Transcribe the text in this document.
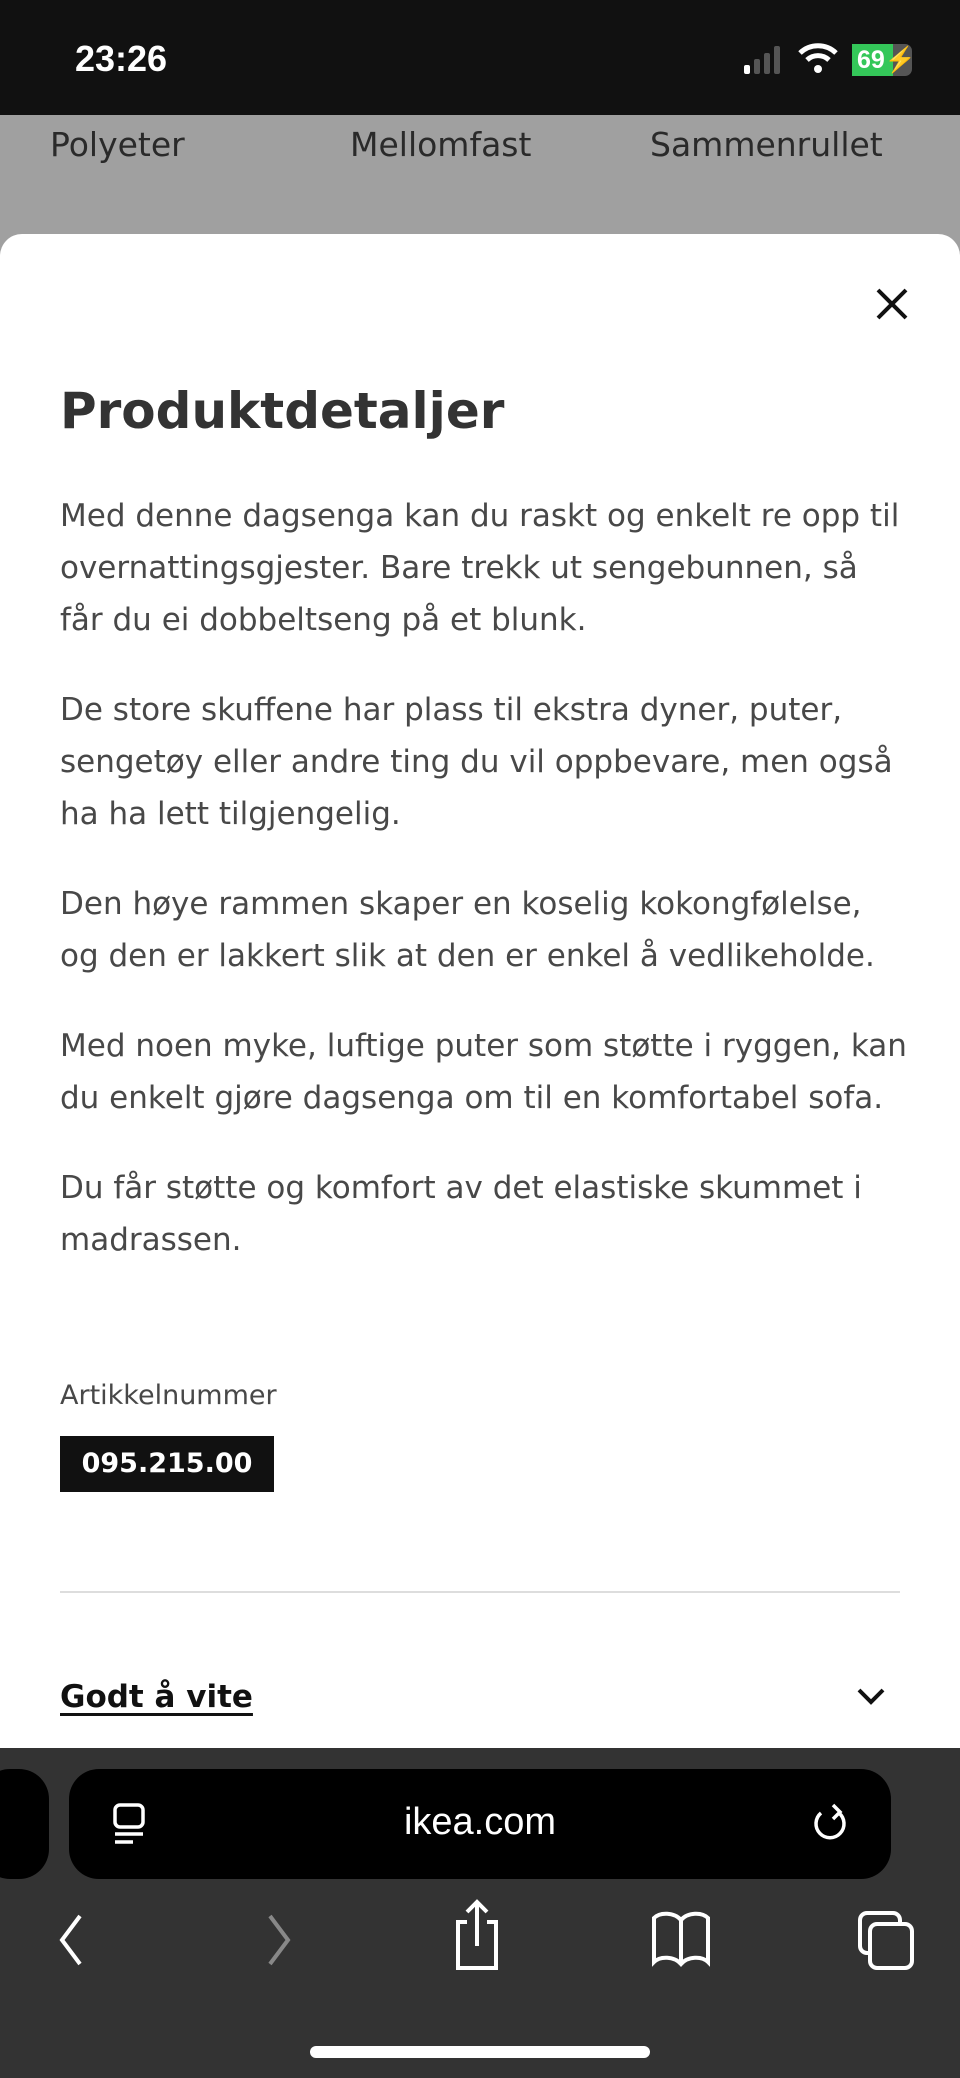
23:26	69⚡
Polyeter	Mellomfast	Sammenrullet
Produktdetaljer

Med denne dagsenga kan du raskt og enkelt re opp til overnattingsgjester. Bare trekk ut sengebunnen, så får du ei dobbeltseng på et blunk.

De store skuffene har plass til ekstra dyner, puter, sengetøy eller andre ting du vil oppbevare, men også ha ha lett tilgjengelig.

Den høye rammen skaper en koselig kokongfølelse, og den er lakkert slik at den er enkel å vedlikeholde.

Med noen myke, luftige puter som støtte i ryggen, kan du enkelt gjøre dagsenga om til en komfortabel sofa.

Du får støtte og komfort av det elastiske skummet i madrassen.

Artikkelnummer
095.215.00
Godt å vite
ikea.com
